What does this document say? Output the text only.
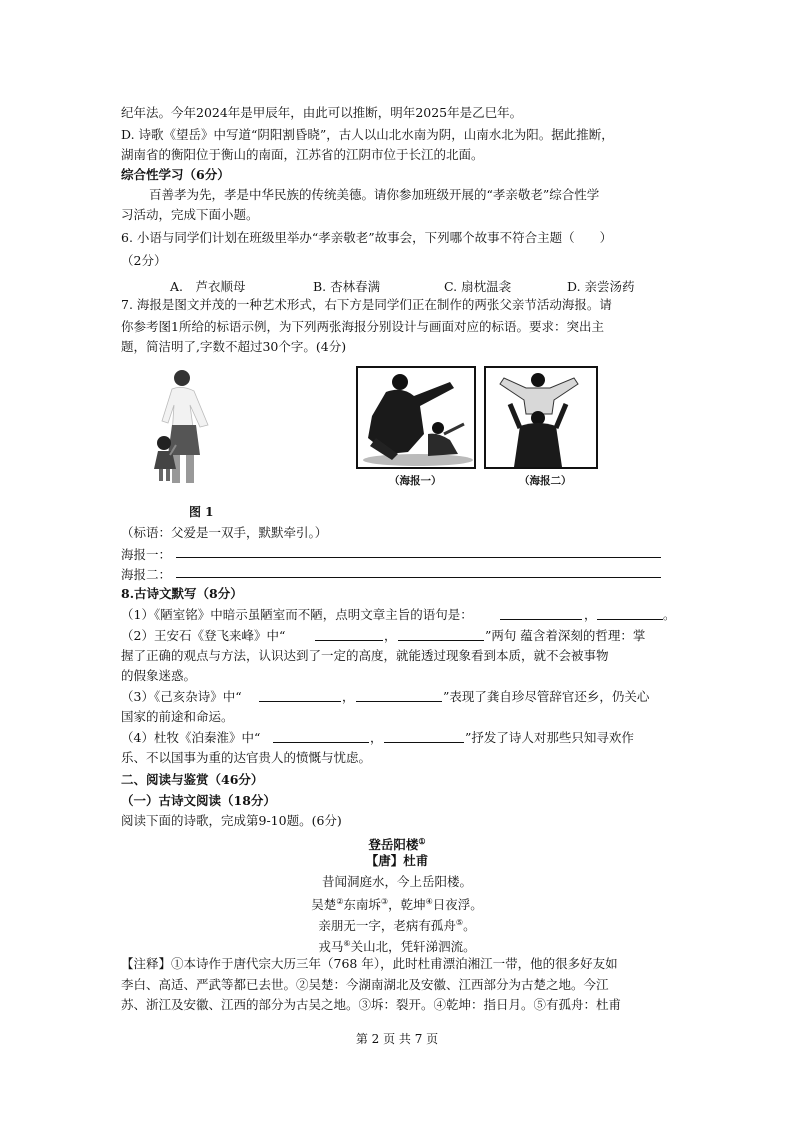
纪年法。今年2024年是甲辰年，由此可以推断，明年2025年是乙巳年。
D. 诗歌《望岳》中写道“阴阳割昏晓”，古人以山北水南为阴，山南水北为阳。据此推断，
湖南省的衡阳位于衡山的南面，江苏省的江阴市位于长江的北面。
综合性学习（6分）
百善孝为先，孝是中华民族的传统美德。请你参加班级开展的“孝亲敬老”综合性学
习活动，完成下面小题。
6. 小语与同学们计划在班级里举办“孝亲敬老”故事会，下列哪个故事不符合主题（　　）
（2分）
A.　芦衣顺母	B. 杏林春满	C. 扇枕温衾	D. 亲尝汤药
7. 海报是图文并茂的一种艺术形式，右下方是同学们正在制作的两张父亲节活动海报。请
你参考图1所给的标语示例，为下列两张海报分别设计与画面对应的标语。要求：突出主
题，简洁明了,字数不超过30个字。(4分)
图 1
（海报一）	（海报二）
（标语：父爱是一双手，默默牵引。）
海报一：
海报二：
8.古诗文默写（8分）
（1）《陋室铭》中暗示虽陋室而不陋，点明文章主旨的语句是：	，	。
（2）王安石《登飞来峰》中“	，	”两句 蕴含着深刻的哲理：掌
握了正确的观点与方法，认识达到了一定的高度，就能透过现象看到本质，就不会被事物
的假象迷惑。
（3）《己亥杂诗》中“	，	”表现了龚自珍尽管辞官还乡，仍关心
国家的前途和命运。
（4）杜牧《泊秦淮》中“	，	”抒发了诗人对那些只知寻欢作
乐、不以国事为重的达官贵人的愤慨与忧虑。
二、阅读与鉴赏（46分）
（一）古诗文阅读（18分）
阅读下面的诗歌，完成第9-10题。(6分)
登岳阳楼①
【唐】杜甫
昔闻洞庭水，今上岳阳楼。
吴楚②东南坼③，乾坤④日夜浮。
亲朋无一字，老病有孤舟⑤。
戎马⑥关山北，凭轩涕泗流。
【注释】①本诗作于唐代宗大历三年（768 年），此时杜甫漂泊湘江一带，他的很多好友如
李白、高适、严武等都已去世。②吴楚：今湖南湖北及安徽、江西部分为古楚之地。今江
苏、浙江及安徽、江西的部分为古吴之地。③坼：裂开。④乾坤：指日月。⑤有孤舟：杜甫
第 2 页 共 7 页
